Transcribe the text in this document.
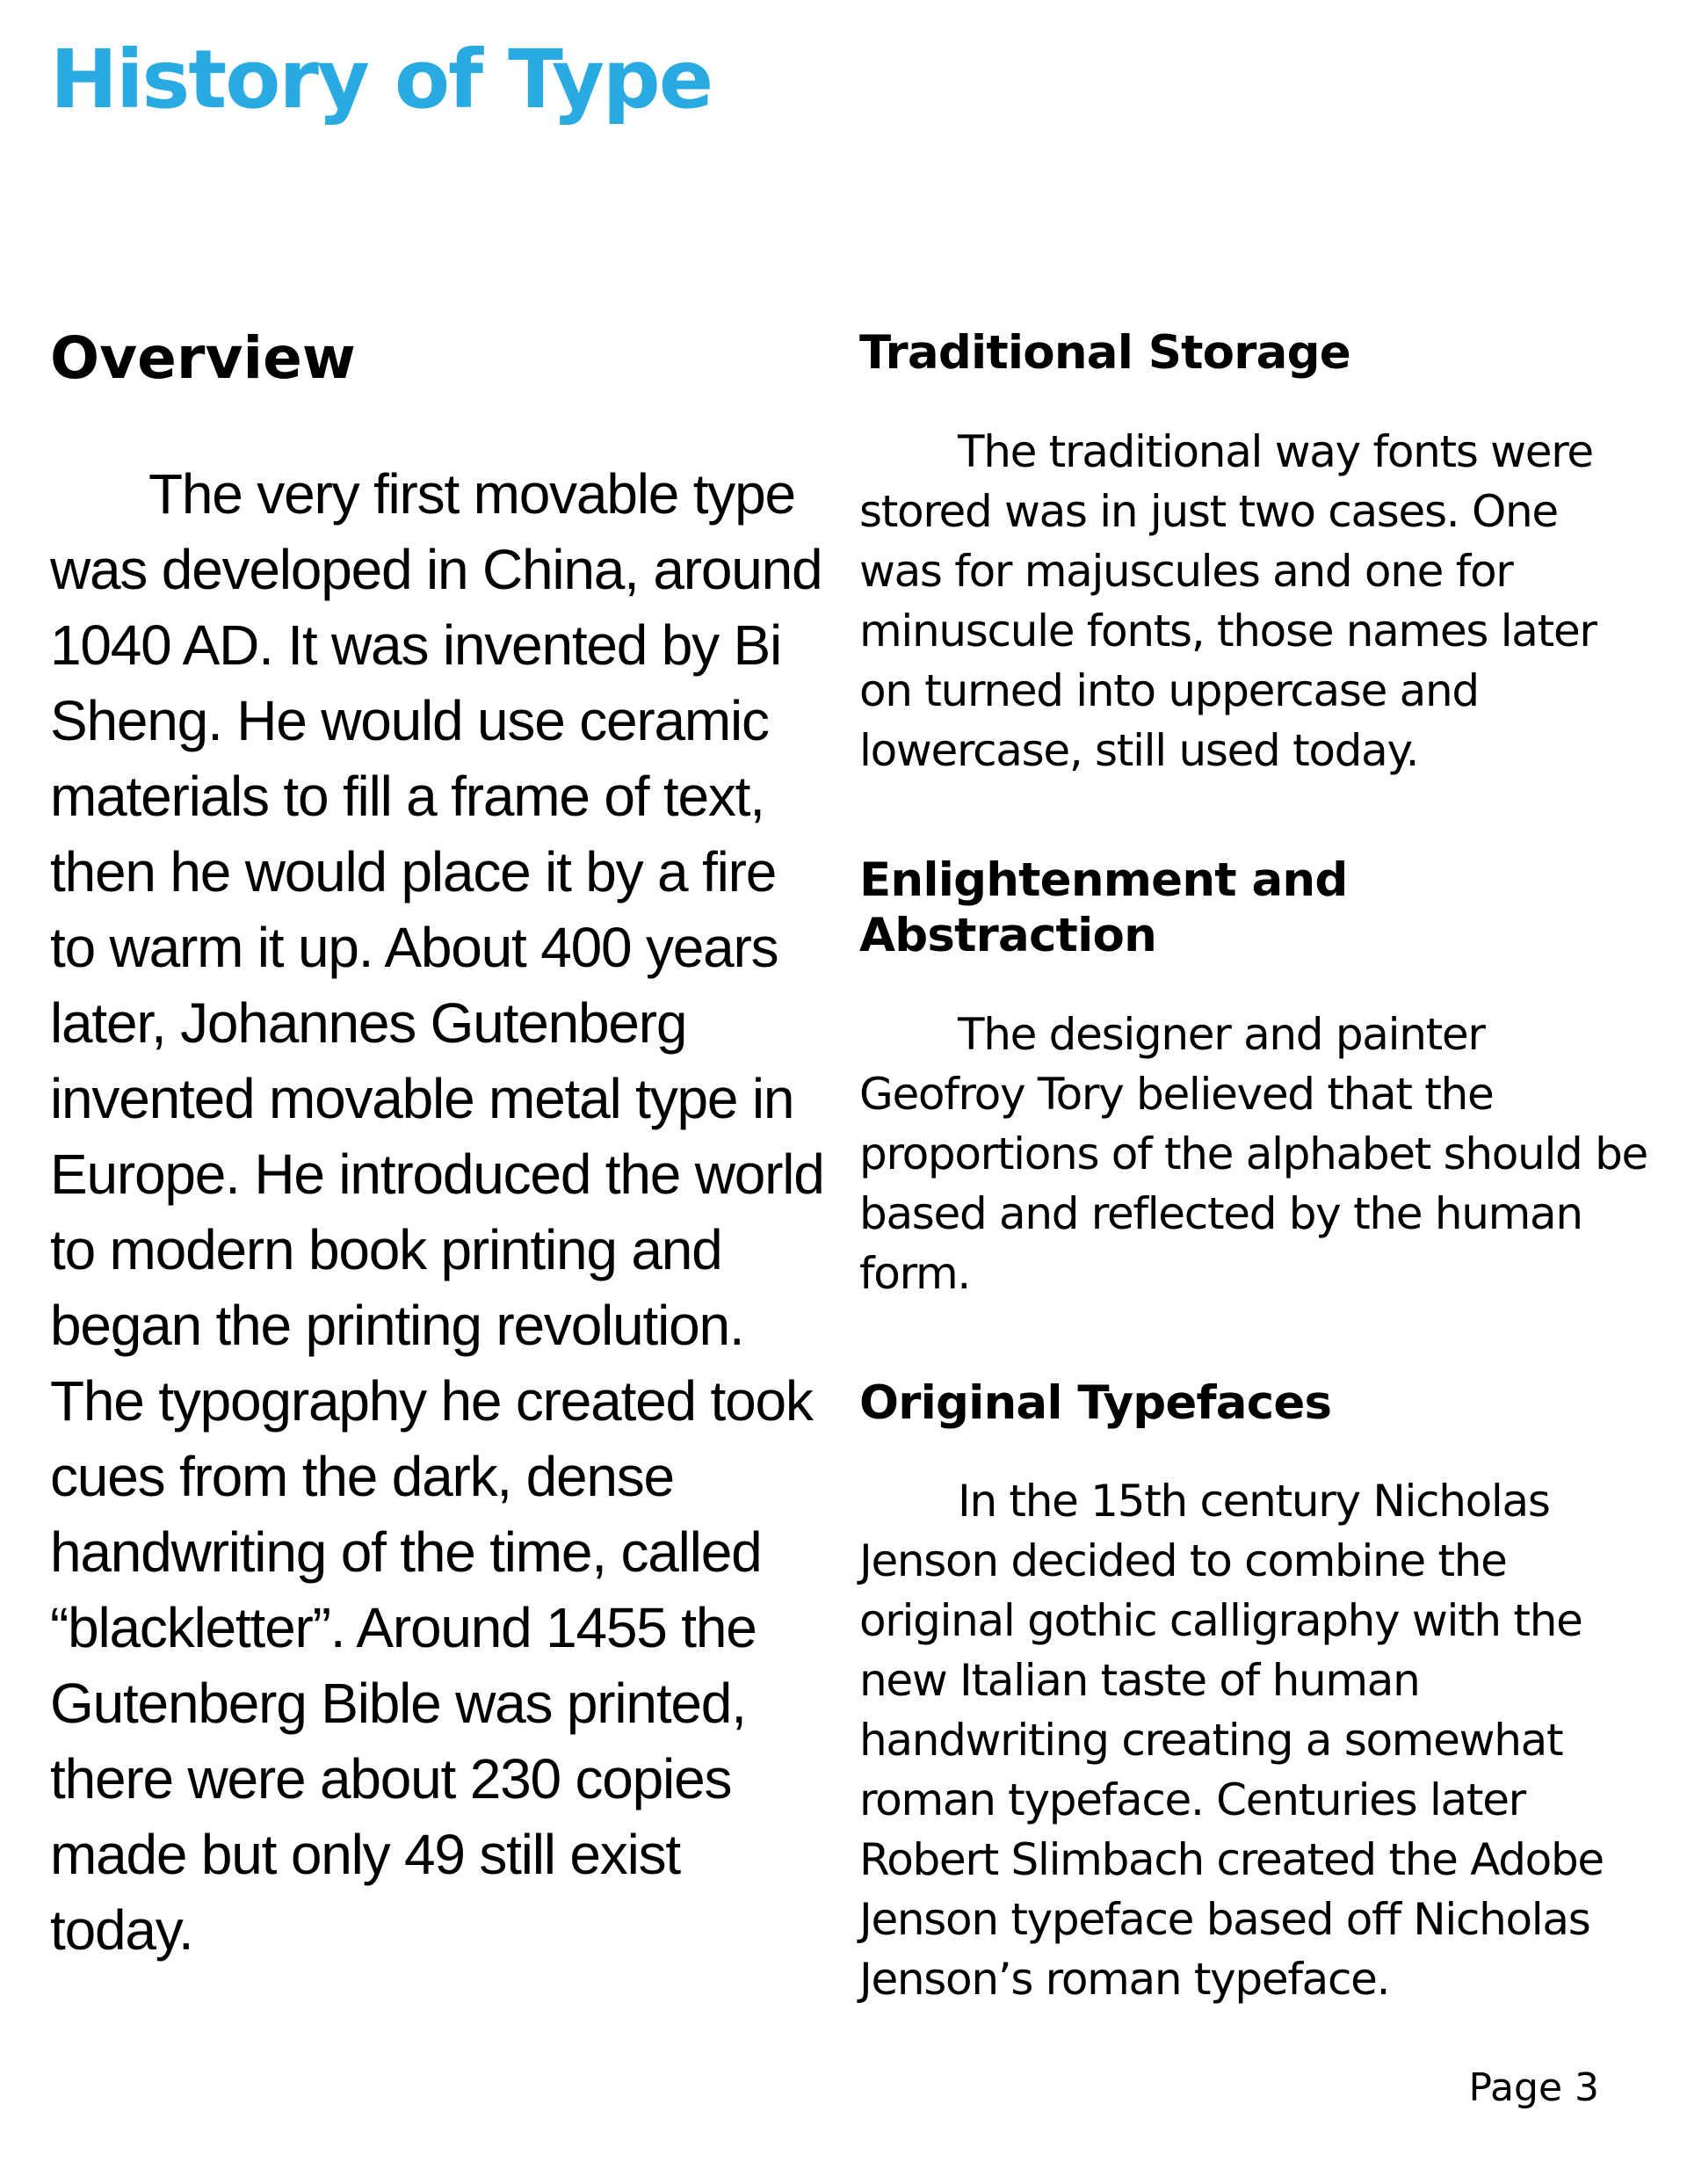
History of Type
Overview

The very first movable type was developed in China, around 1040 AD. It was invented by Bi Sheng. He would use ceramic materials to fill a frame of text, then he would place it by a fire to warm it up. About 400 years later, Johannes Gutenberg invented movable metal type in Europe. He introduced the world to modern book printing and began the printing revolution. The typography he created took cues from the dark, dense handwriting of the time, called “blackletter”. Around 1455 the Gutenberg Bible was printed, there were about 230 copies made but only 49 still exist today.

Traditional Storage

The traditional way fonts were stored was in just two cases. One was for majuscules and one for minuscule fonts, those names later on turned into uppercase and lowercase, still used today.

Enlightenment and Abstraction

The designer and painter Geofroy Tory believed that the proportions of the alphabet should be based and reflected by the human form.

Original Typefaces

In the 15th century Nicholas Jenson decided to combine the original gothic calligraphy with the new Italian taste of human handwriting creating a somewhat roman typeface. Centuries later Robert Slimbach created the Adobe Jenson typeface based off Nicholas Jenson’s roman typeface.

Page 3
